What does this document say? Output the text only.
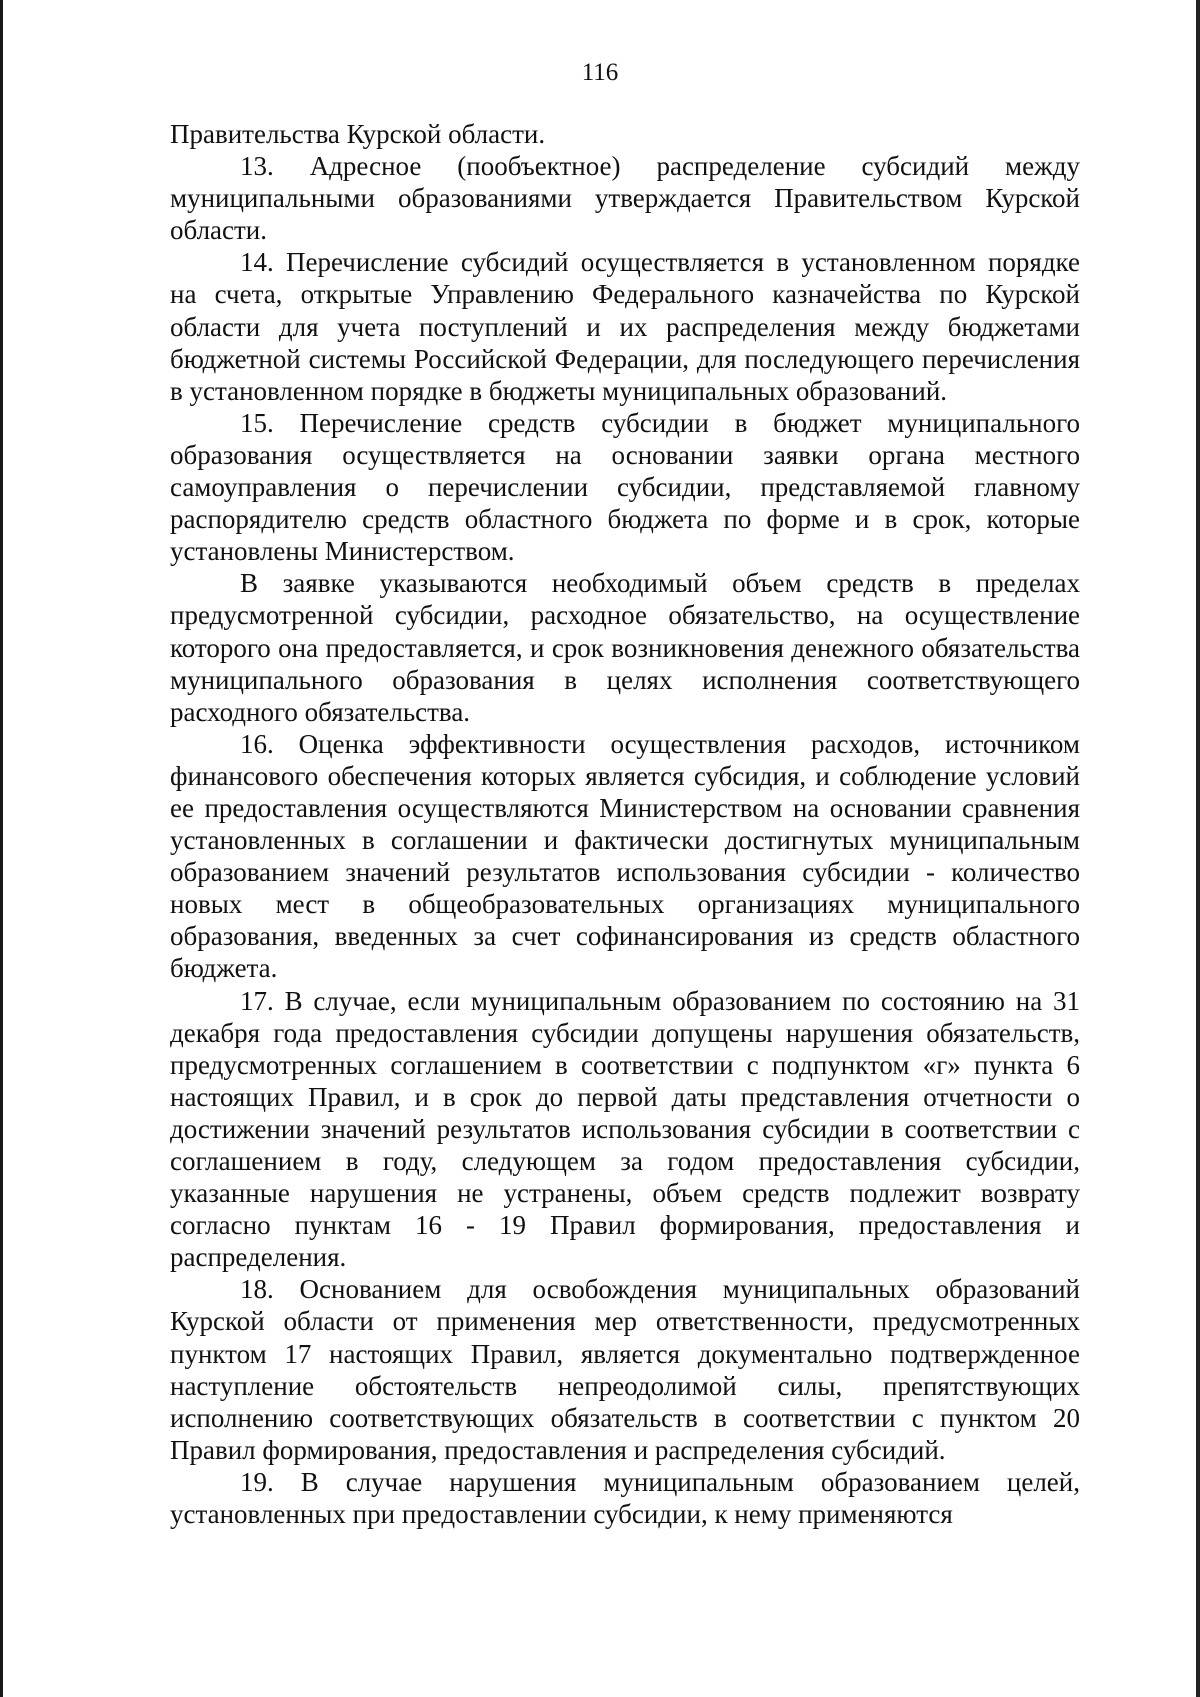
116

Правительства Курской области.

13. Адресное (пообъектное) распределение субсидий между муниципальными образованиями утверждается Правительством Курской области.

14. Перечисление субсидий осуществляется в установленном порядке на счета, открытые Управлению Федерального казначейства по Курской области для учета поступлений и их распределения между бюджетами бюджетной системы Российской Федерации, для последующего перечисления в установленном порядке в бюджеты муниципальных образований.

15. Перечисление средств субсидии в бюджет муниципального образования осуществляется на основании заявки органа местного самоуправления о перечислении субсидии, представляемой главному распорядителю средств областного бюджета по форме и в срок, которые установлены Министерством.

В заявке указываются необходимый объем средств в пределах предусмотренной субсидии, расходное обязательство, на осуществление которого она предоставляется, и срок возникновения денежного обязательства муниципального образования в целях исполнения соответствующего расходного обязательства.

16. Оценка эффективности осуществления расходов, источником финансового обеспечения которых является субсидия, и соблюдение условий ее предоставления осуществляются Министерством на основании сравнения установленных в соглашении и фактически достигнутых муниципальным образованием значений результатов использования субсидии - количество новых мест в общеобразовательных организациях муниципального образования, введенных за счет софинансирования из средств областного бюджета.

17. В случае, если муниципальным образованием по состоянию на 31 декабря года предоставления субсидии допущены нарушения обязательств, предусмотренных соглашением в соответствии с подпунктом «г» пункта 6 настоящих Правил, и в срок до первой даты представления отчетности о достижении значений результатов использования субсидии в соответствии с соглашением в году, следующем за годом предоставления субсидии, указанные нарушения не устранены, объем средств подлежит возврату согласно пунктам 16 - 19 Правил формирования, предоставления и распределения.

18. Основанием для освобождения муниципальных образований Курской области от применения мер ответственности, предусмотренных пунктом 17 настоящих Правил, является документально подтвержденное наступление обстоятельств непреодолимой силы, препятствующих исполнению соответствующих обязательств в соответствии с пунктом 20 Правил формирования, предоставления и распределения субсидий.

19. В случае нарушения муниципальным образованием целей, установленных при предоставлении субсидии, к нему применяются
